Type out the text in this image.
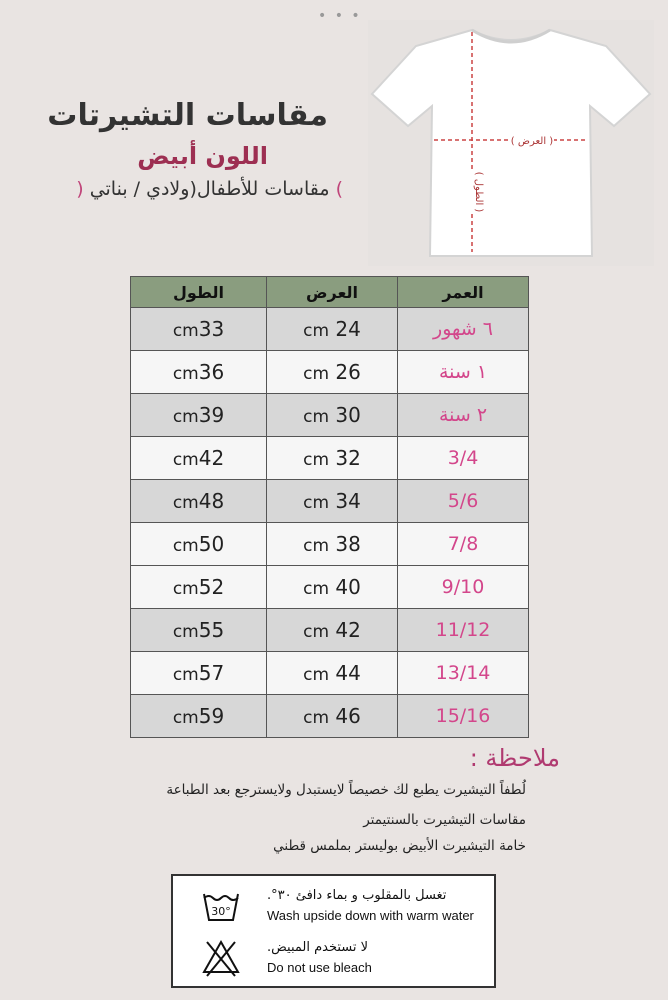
• • •
مقاسات التشيرتات
اللون أبيض
) مقاسات للأطفال(ولادي / بناتي (
( العرض )
( الطول )
الطول	العرض	العمر
cm33	cm 24	٦ شهور
cm36	cm 26	١ سنة
cm39	cm 30	٢ سنة
cm42	cm 32	3/4
cm48	cm 34	5/6
cm50	cm 38	7/8
cm52	cm 40	9/10
cm55	cm 42	11/12
cm57	cm 44	13/14
cm59	cm 46	15/16
ملاحظة :
لُطفاً التيشيرت يطبع لك خصيصاً لايستبدل ولايسترجع بعد الطباعة
مقاسات التيشيرت بالسنتيمتر
خامة التيشيرت الأبيض بوليستر بملمس قطني
30°
تغسل بالمقلوب و بماء دافئ ٣٠°.
Wash upside down with warm water
لا تستخدم المبيض.
Do not use bleach
